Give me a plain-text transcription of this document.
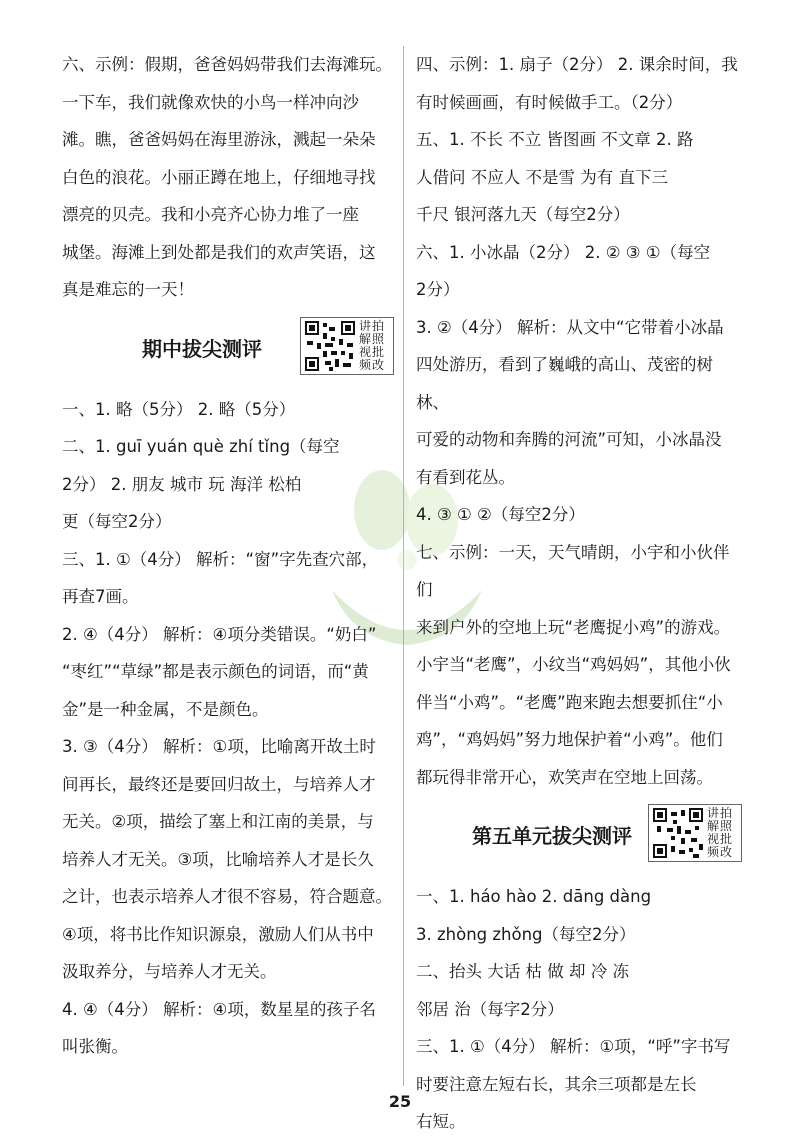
六、示例：假期，爸爸妈妈带我们去海滩玩。

一下车，我们就像欢快的小鸟一样冲向沙

滩。瞧，爸爸妈妈在海里游泳，溅起一朵朵

白色的浪花。小丽正蹲在地上，仔细地寻找

漂亮的贝壳。我和小亮齐心协力堆了一座

城堡。海滩上到处都是我们的欢声笑语，这

真是难忘的一天！

期中拔尖测评
讲拍解照视批频改

一、1. 略（5分） 2. 略（5分）

二、1. guī yuán què zhí tǐng（每空

2分） 2. 朋友 城市 玩 海洋 松柏

更（每空2分）

三、1. ①（4分） 解析：“窗”字先查穴部，

再查7画。

2. ④（4分） 解析：④项分类错误。“奶白”

“枣红”“草绿”都是表示颜色的词语，而“黄

金”是一种金属，不是颜色。

3. ③（4分） 解析：①项，比喻离开故土时

间再长，最终还是要回归故土，与培养人才

无关。②项，描绘了塞上和江南的美景，与

培养人才无关。③项，比喻培养人才是长久

之计，也表示培养人才很不容易，符合题意。

④项，将书比作知识源泉，激励人们从书中

汲取养分，与培养人才无关。

4. ④（4分） 解析：④项，数星星的孩子名

叫张衡。

四、示例：1. 扇子（2分） 2. 课余时间，我

有时候画画，有时候做手工。（2分）

五、1. 不长 不立 皆图画 不文章 2. 路

人借问 不应人 不是雪 为有 直下三

千尺 银河落九天（每空2分）

六、1. 小冰晶（2分） 2. ② ③ ①（每空

2分）

3. ②（4分） 解析：从文中“它带着小冰晶

四处游历，看到了巍峨的高山、茂密的树林、

可爱的动物和奔腾的河流”可知，小冰晶没

有看到花丛。

4. ③ ① ②（每空2分）

七、示例：一天，天气晴朗，小宇和小伙伴们

来到户外的空地上玩“老鹰捉小鸡”的游戏。

小宇当“老鹰”，小纹当“鸡妈妈”，其他小伙

伴当“小鸡”。“老鹰”跑来跑去想要抓住“小

鸡”，“鸡妈妈”努力地保护着“小鸡”。他们

都玩得非常开心，欢笑声在空地上回荡。

第五单元拔尖测评
讲拍解照视批频改

一、1. háo hào 2. dāng dàng

3. zhòng zhǒng（每空2分）

二、抬头 大话 枯 做 却 冷 冻

邻居 治（每字2分）

三、1. ①（4分） 解析：①项，“呼”字书写

时要注意左短右长，其余三项都是左长

右短。

25
